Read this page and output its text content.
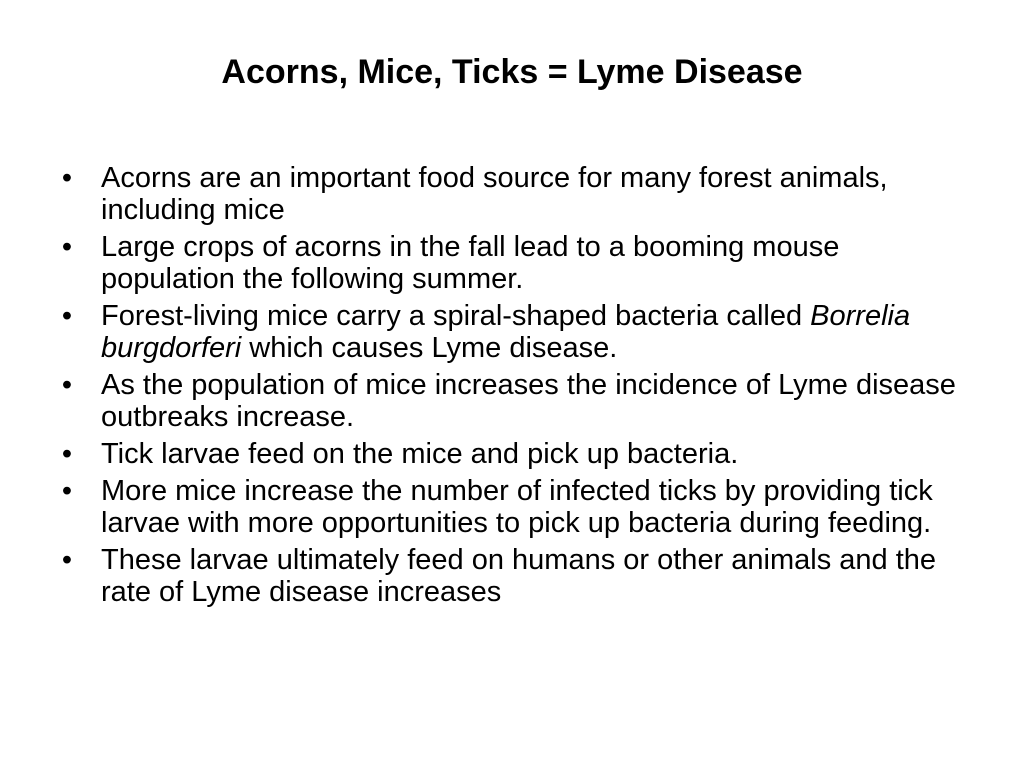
Acorns, Mice, Ticks = Lyme Disease
• Acorns are an important food source for many forest animals, including mice
• Large crops of acorns in the fall lead to a booming mouse population the following summer.
• Forest-living mice carry a spiral-shaped bacteria called Borrelia burgdorferi which causes Lyme disease.
• As the population of mice increases the incidence of Lyme disease outbreaks increase.
• Tick larvae feed on the mice and pick up bacteria.
• More mice increase the number of infected ticks by providing tick larvae with more opportunities to pick up bacteria during feeding.
• These larvae ultimately feed on humans or other animals and the rate of Lyme disease increases
